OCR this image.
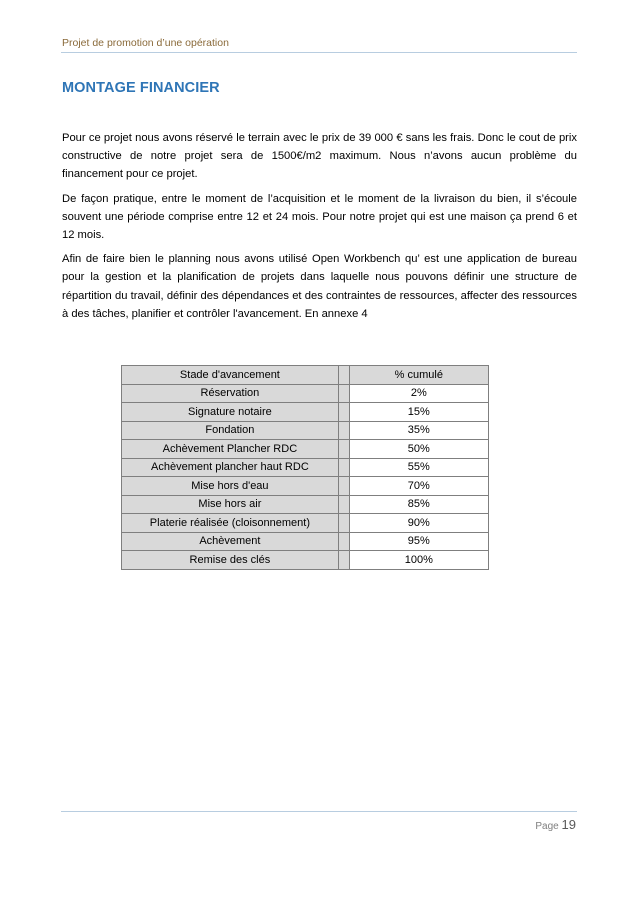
Projet de promotion d’une opération
MONTAGE FINANCIER

Pour ce projet nous avons réservé le terrain avec le prix de 39 000 € sans les frais. Donc le cout de prix constructive de notre projet sera de 1500€/m2 maximum. Nous n’avons aucun problème du financement pour ce projet.

De façon pratique, entre le moment de l’acquisition et le moment de la livraison du bien, il s’écoule souvent une période comprise entre 12 et 24 mois. Pour notre projet qui est une maison ça prend 6 et 12 mois.

Afin de faire bien le planning nous avons utilisé Open Workbench qu’ est une application de bureau pour la gestion et la planification de projets dans laquelle nous pouvons définir une structure de répartition du travail, définir des dépendances et des contraintes de ressources, affecter des ressources à des tâches, planifier et contrôler l'avancement. En annexe 4

Stade d'avancement		% cumulé
Réservation		2%
Signature notaire		15%
Fondation		35%
Achèvement Plancher RDC		50%
Achèvement plancher haut RDC		55%
Mise hors d'eau		70%
Mise hors air		85%
Platerie réalisée (cloisonnement)		90%
Achèvement		95%
Remise des clés		100%
Page 19
